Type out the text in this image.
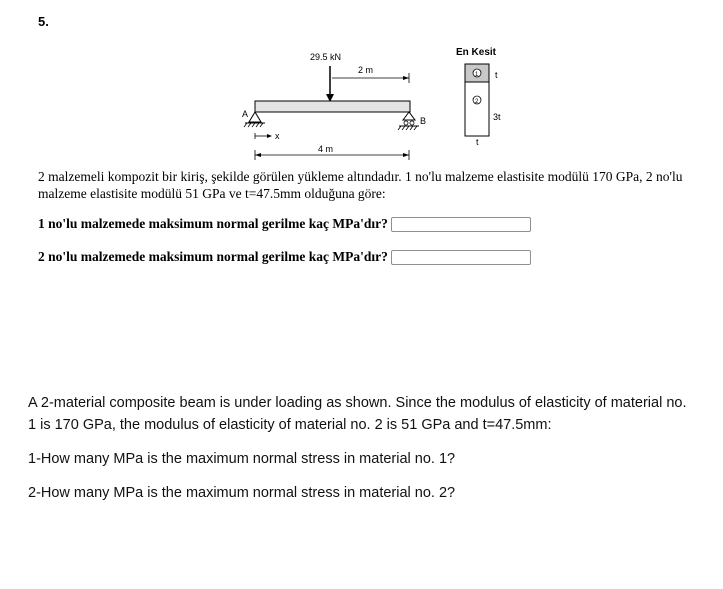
5.
29.5 kN
2 m
A
x
B
4 m
En Kesit
1
2
t
3t
t
2 malzemeli kompozit bir kiriş, şekilde görülen yükleme altındadır. 1 no'lu malzeme elastisite modülü 170 GPa, 2 no'lu malzeme elastisite modülü 51 GPa ve t=47.5mm olduğuna göre:
1 no'lu malzemede maksimum normal gerilme kaç MPa'dır?
2 no'lu malzemede maksimum normal gerilme kaç MPa'dır?
A 2-material composite beam is under loading as shown. Since the modulus of elasticity of material no. 1 is 170 GPa, the modulus of elasticity of material no. 2 is 51 GPa and t=47.5mm:
1-How many MPa is the maximum normal stress in material no. 1?
2-How many MPa is the maximum normal stress in material no. 2?
